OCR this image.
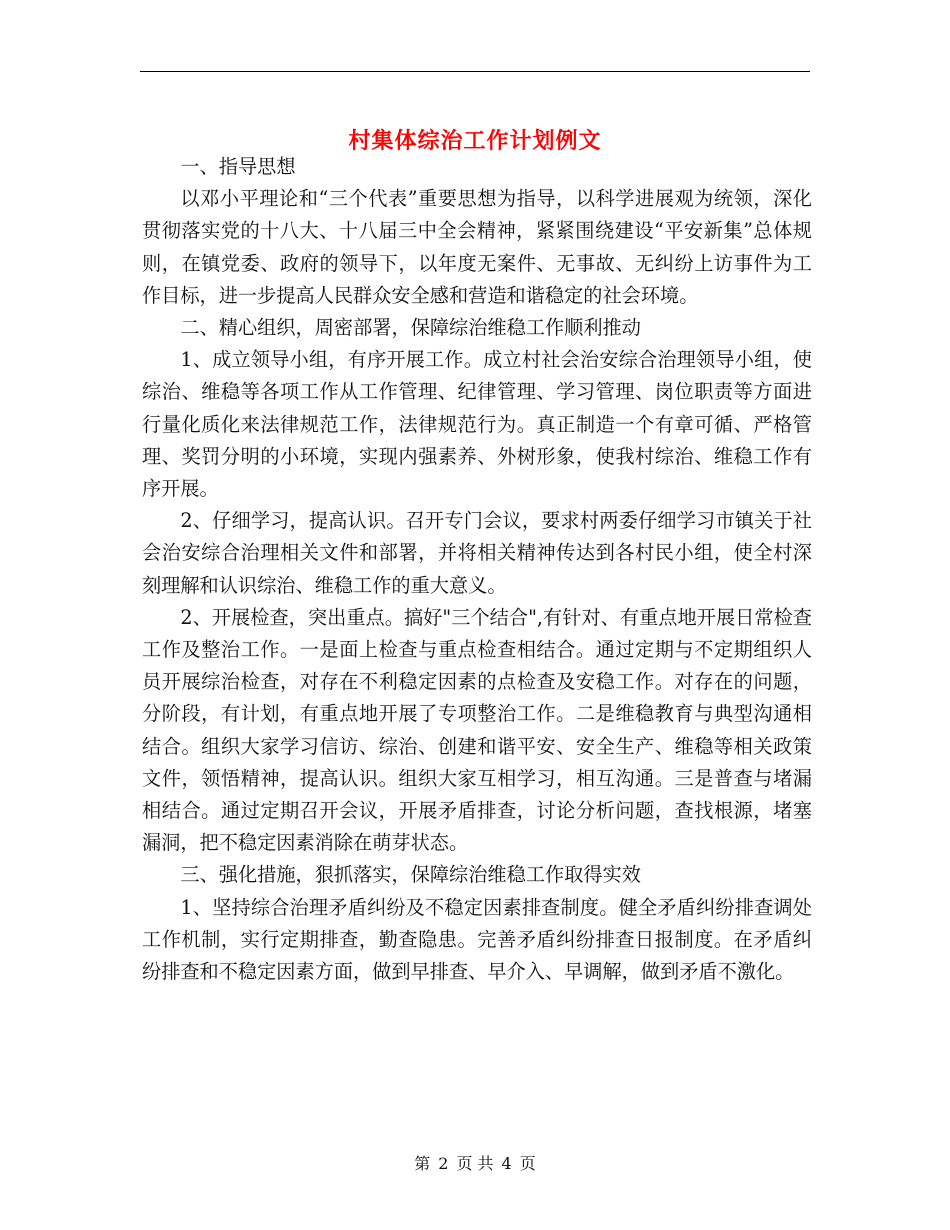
村集体综治工作计划例文

一、指导思想

以邓小平理论和“三个代表”重要思想为指导，以科学进展观为统领，深化贯彻落实党的十八大、十八届三中全会精神，紧紧围绕建设“平安新集”总体规则，在镇党委、政府的领导下，以年度无案件、无事故、无纠纷上访事件为工作目标，进一步提高人民群众安全感和营造和谐稳定的社会环境。

二、精心组织，周密部署，保障综治维稳工作顺利推动

1、成立领导小组，有序开展工作。成立村社会治安综合治理领导小组，使综治、维稳等各项工作从工作管理、纪律管理、学习管理、岗位职责等方面进行量化质化来法律规范工作，法律规范行为。真正制造一个有章可循、严格管理、奖罚分明的小环境，实现内强素养、外树形象，使我村综治、维稳工作有序开展。

2、仔细学习，提高认识。召开专门会议，要求村两委仔细学习市镇关于社会治安综合治理相关文件和部署，并将相关精神传达到各村民小组，使全村深刻理解和认识综治、维稳工作的重大意义。

2、开展检查，突出重点。搞好"三个结合",有针对、有重点地开展日常检查工作及整治工作。一是面上检查与重点检查相结合。通过定期与不定期组织人员开展综治检查，对存在不利稳定因素的点检查及安稳工作。对存在的问题，分阶段，有计划，有重点地开展了专项整治工作。二是维稳教育与典型沟通相结合。组织大家学习信访、综治、创建和谐平安、安全生产、维稳等相关政策文件，领悟精神，提高认识。组织大家互相学习，相互沟通。三是普查与堵漏相结合。通过定期召开会议，开展矛盾排查，讨论分析问题，查找根源，堵塞漏洞，把不稳定因素消除在萌芽状态。

三、强化措施，狠抓落实，保障综治维稳工作取得实效

1、坚持综合治理矛盾纠纷及不稳定因素排查制度。健全矛盾纠纷排查调处工作机制，实行定期排查，勤查隐患。完善矛盾纠纷排查日报制度。在矛盾纠纷排查和不稳定因素方面，做到早排查、早介入、早调解，做到矛盾不激化。

第 2 页 共 4 页
